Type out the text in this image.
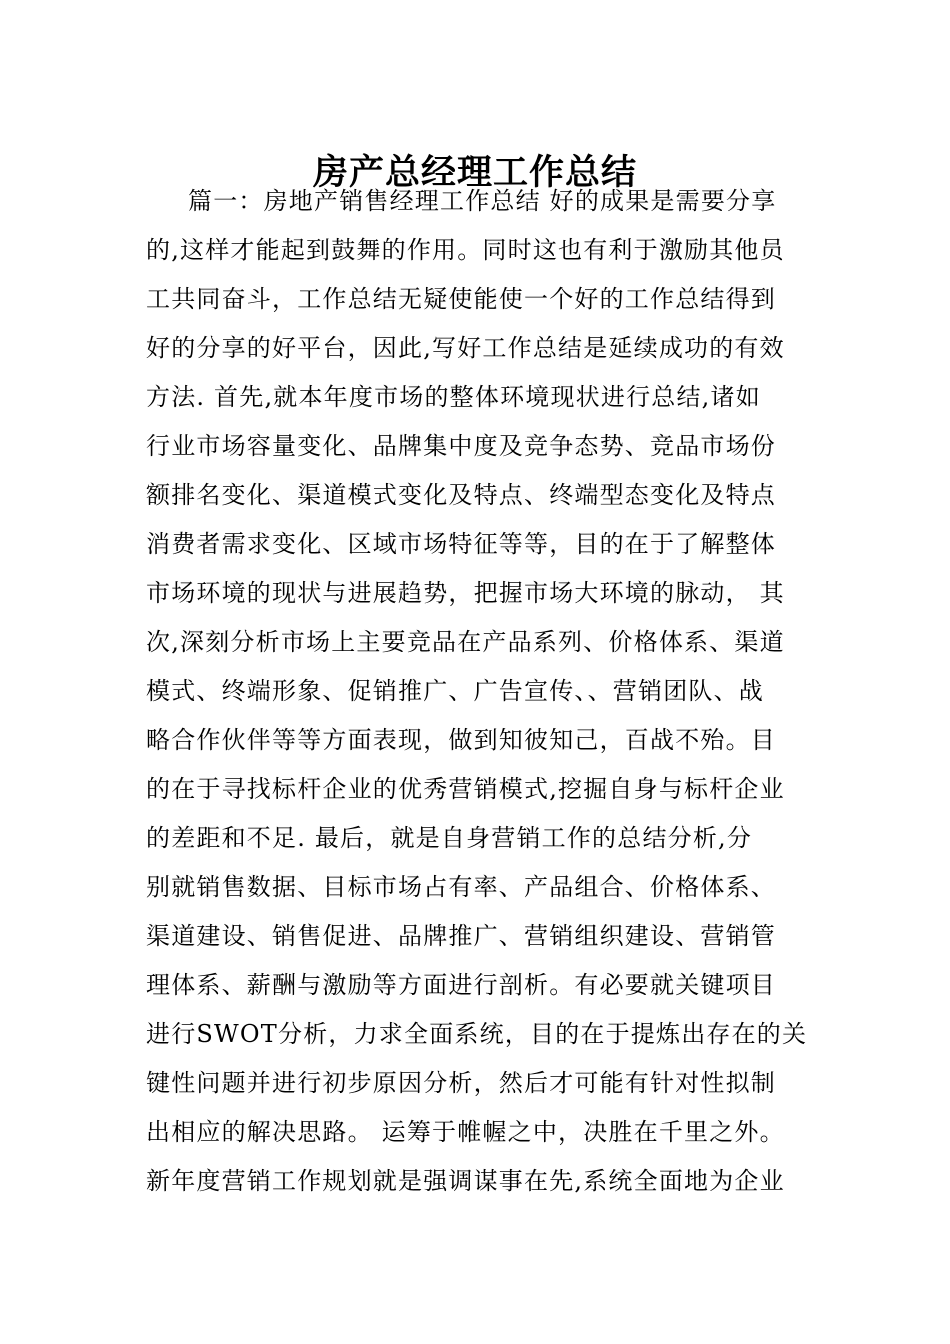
房产总经理工作总结
篇一：房地产销售经理工作总结 好的成果是需要分享
的,这样才能起到鼓舞的作用。同时这也有利于激励其他员
工共同奋斗，工作总结无疑使能使一个好的工作总结得到
好的分享的好平台，因此,写好工作总结是延续成功的有效
方法. 首先,就本年度市场的整体环境现状进行总结,诸如
行业市场容量变化、品牌集中度及竞争态势、竞品市场份
额排名变化、渠道模式变化及特点、终端型态变化及特点
消费者需求变化、区域市场特征等等，目的在于了解整体
市场环境的现状与进展趋势，把握市场大环境的脉动， 其
次,深刻分析市场上主要竞品在产品系列、价格体系、渠道
模式、终端形象、促销推广、广告宣传、、营销团队、战
略合作伙伴等等方面表现，做到知彼知己，百战不殆。目
的在于寻找标杆企业的优秀营销模式,挖掘自身与标杆企业
的差距和不足. 最后，就是自身营销工作的总结分析,分
别就销售数据、目标市场占有率、产品组合、价格体系、
渠道建设、销售促进、品牌推广、营销组织建设、营销管
理体系、薪酬与激励等方面进行剖析。有必要就关键项目
进行SWOT分析，力求全面系统，目的在于提炼出存在的关
键性问题并进行初步原因分析，然后才可能有针对性拟制
出相应的解决思路。 运筹于帷幄之中，决胜在千里之外。
新年度营销工作规划就是强调谋事在先,系统全面地为企业
